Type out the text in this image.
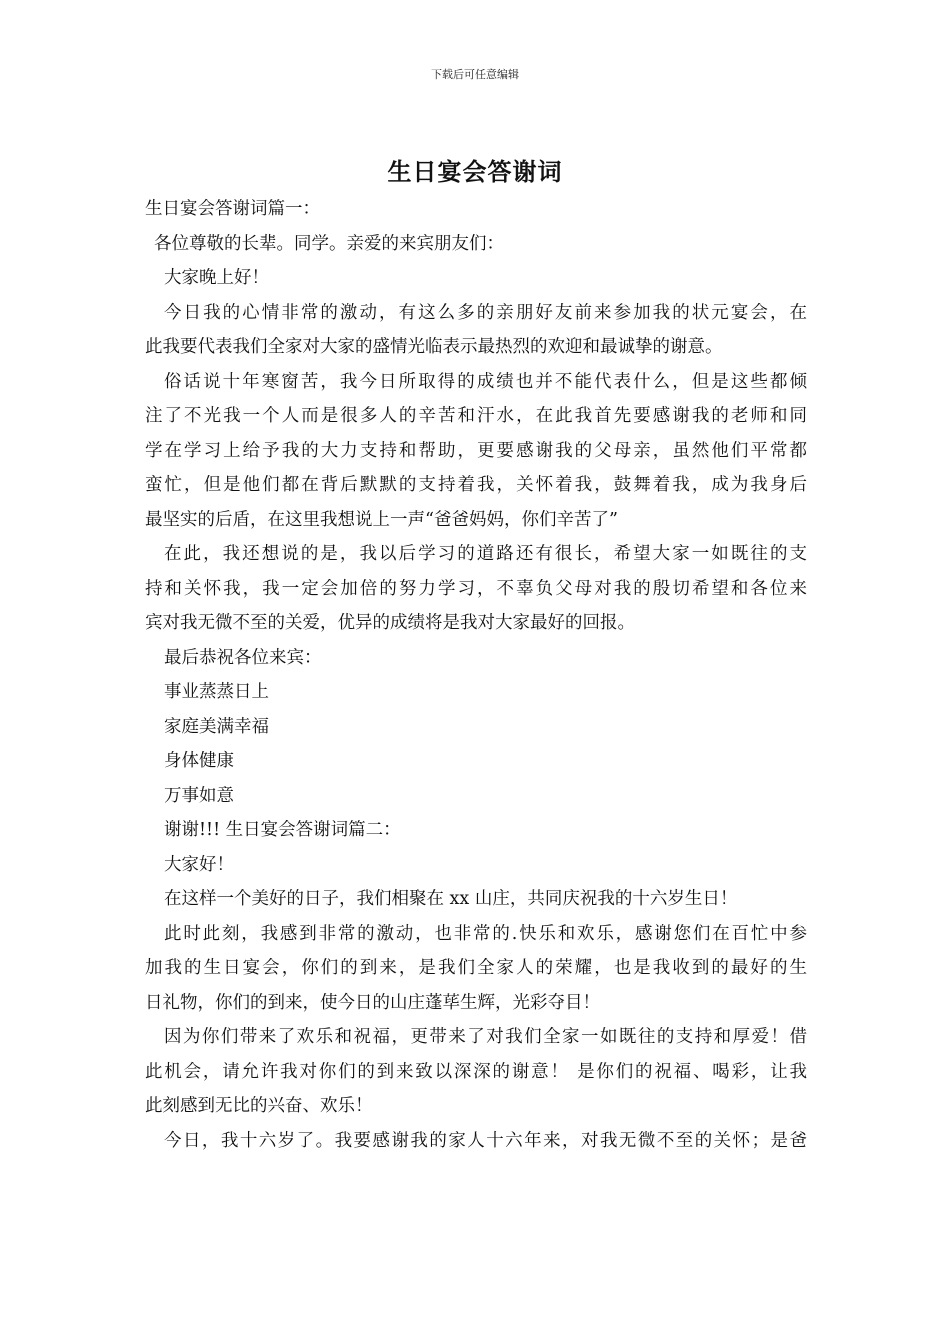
下载后可任意编辑
生日宴会答谢词

生日宴会答谢词篇一：

各位尊敬的长辈。同学。亲爱的来宾朋友们：

大家晚上好！

今日我的心情非常的激动，有这么多的亲朋好友前来参加我的状元宴会，在

此我要代表我们全家对大家的盛情光临表示最热烈的欢迎和最诚挚的谢意。

俗话说十年寒窗苦，我今日所取得的成绩也并不能代表什么，但是这些都倾

注了不光我一个人而是很多人的辛苦和汗水，在此我首先要感谢我的老师和同

学在学习上给予我的大力支持和帮助，更要感谢我的父母亲，虽然他们平常都

蛮忙，但是他们都在背后默默的支持着我，关怀着我，鼓舞着我，成为我身后

最坚实的后盾，在这里我想说上一声“爸爸妈妈，你们辛苦了”

在此，我还想说的是，我以后学习的道路还有很长，希望大家一如既往的支

持和关怀我，我一定会加倍的努力学习，不辜负父母对我的殷切希望和各位来

宾对我无微不至的关爱，优异的成绩将是我对大家最好的回报。

最后恭祝各位来宾：

事业蒸蒸日上

家庭美满幸福

身体健康

万事如意

谢谢!!! 生日宴会答谢词篇二：

大家好！

在这样一个美好的日子，我们相聚在 xx 山庄，共同庆祝我的十六岁生日！

此时此刻，我感到非常的激动，也非常的.快乐和欢乐，感谢您们在百忙中参

加我的生日宴会，你们的到来，是我们全家人的荣耀，也是我收到的最好的生

日礼物，你们的到来，使今日的山庄蓬荜生辉，光彩夺目！

因为你们带来了欢乐和祝福，更带来了对我们全家一如既往的支持和厚爱！借

此机会，请允许我对你们的到来致以深深的谢意！ 是你们的祝福、喝彩，让我

此刻感到无比的兴奋、欢乐！

今日，我十六岁了。我要感谢我的家人十六年来，对我无微不至的关怀；是爸
